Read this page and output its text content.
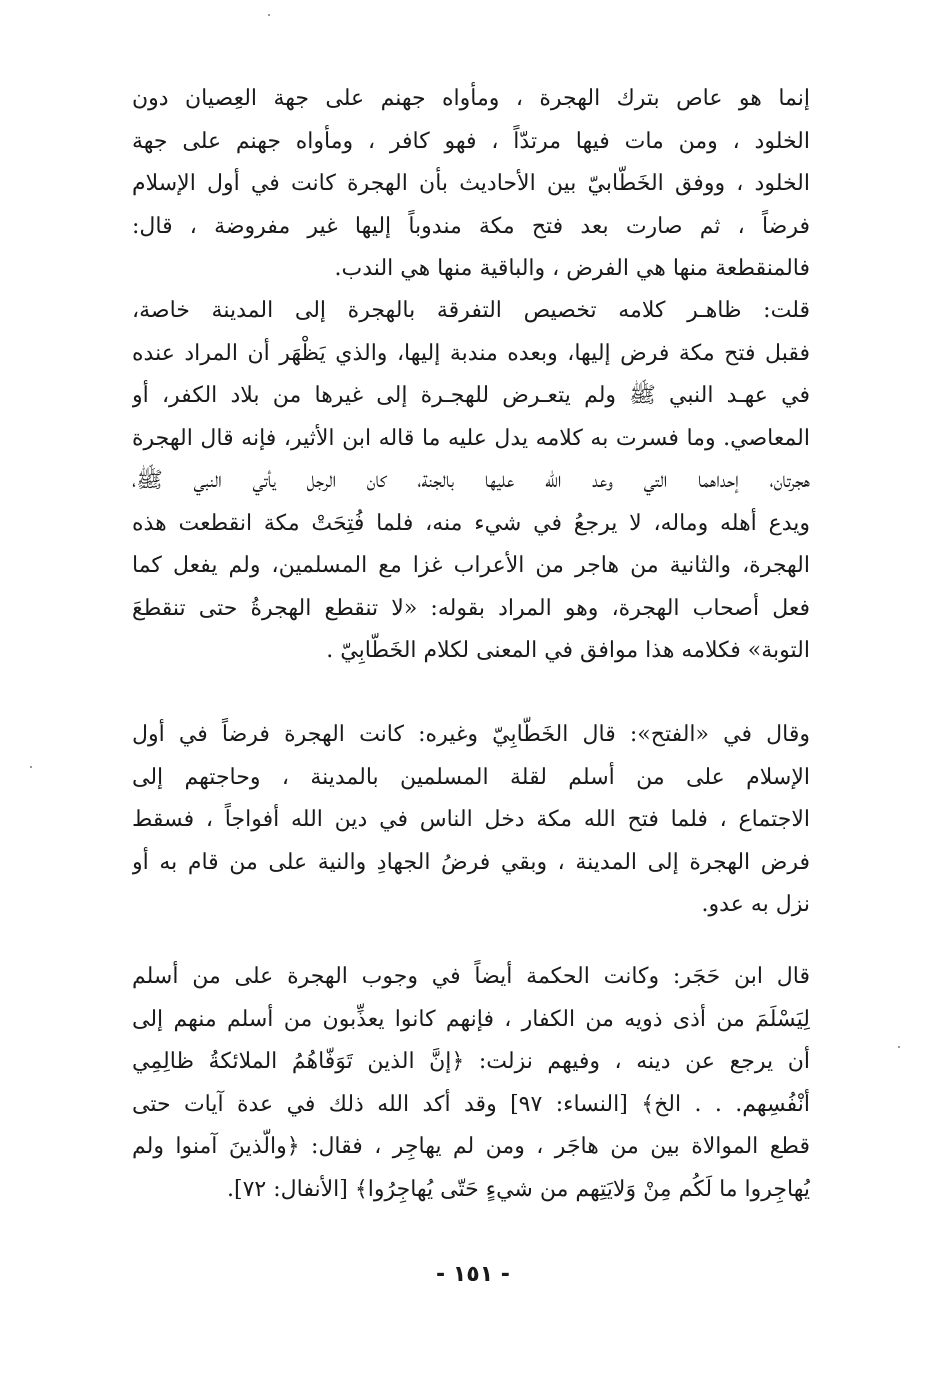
إنما هو عاص بترك الهجرة ، ومأواه جهنم على جهة العِصيان دون
الخلود ، ومن مات فيها مرتدّاً ، فهو كافر ، ومأواه جهنم على جهة
الخلود ، ووفق الخَطّابيّ بين الأحاديث بأن الهجرة كانت في أول الإسلام
فرضاً ، ثم صارت بعد فتح مكة مندوباً إليها غير مفروضة ، قال:
فالمنقطعة منها هي الفرض ، والباقية منها هي الندب.
قلت: ظاهـر كلامه تخصيص التفرقة بالهجرة إلى المدينة خاصة،
فقبل فتح مكة فرض إليها، وبعده مندبة إليها، والذي يَظْهَر أن المراد عنده
في عهـد النبي ﷺ ولم يتعـرض للهجـرة إلى غيرها من بلاد الكفر، أو
المعاصي. وما فسرت به كلامه يدل عليه ما قاله ابن الأثير، فإنه قال الهجرة
هجرتان، إحداهما التي وعد الله عليها بالجنة، كان الرجل يأتي النبي ﷺ،
ويدع أهله وماله، لا يرجعُ في شيء منه، فلما فُتِحَتْ مكة انقطعت هذه
الهجرة، والثانية من هاجر من الأعراب غزا مع المسلمين، ولم يفعل كما
فعل أصحاب الهجرة، وهو المراد بقوله: «لا تنقطع الهجرةُ حتى تنقطعَ
التوبة» فكلامه هذا موافق في المعنى لكلام الخَطّابِيّ .
وقال في «الفتح»: قال الخَطّابِيّ وغيره: كانت الهجرة فرضاً في أول
الإسلام على من أسلم لقلة المسلمين بالمدينة ، وحاجتهم إلى
الاجتماع ، فلما فتح الله مكة دخل الناس في دين الله أفواجاً ، فسقط
فرض الهجرة إلى المدينة ، وبقي فرضُ الجهادِ والنية على من قام به أو
نزل به عدو.
قال ابن حَجَر: وكانت الحكمة أيضاً في وجوب الهجرة على من أسلم
لِيَسْلَمَ من أذى ذويه من الكفار ، فإنهم كانوا يعذِّبون من أسلم منهم إلى
أن يرجع عن دينه ، وفيهم نزلت: ﴿إنَّ الذين تَوَفّاهُمُ الملائكةُ ظالِمِي
أنْفُسِهم. . . الخ﴾ [النساء: ٩٧] وقد أكد الله ذلك في عدة آيات حتى
قطع الموالاة بين من هاجَر ، ومن لم يهاجِر ، فقال: ﴿والّذينَ آمنوا ولم
يُهاجِروا ما لَكُم مِنْ وَلايَتِهم من شيءٍ حَتّى يُهاجِرُوا﴾ [الأنفال: ٧٢].
- ١٥١ -
